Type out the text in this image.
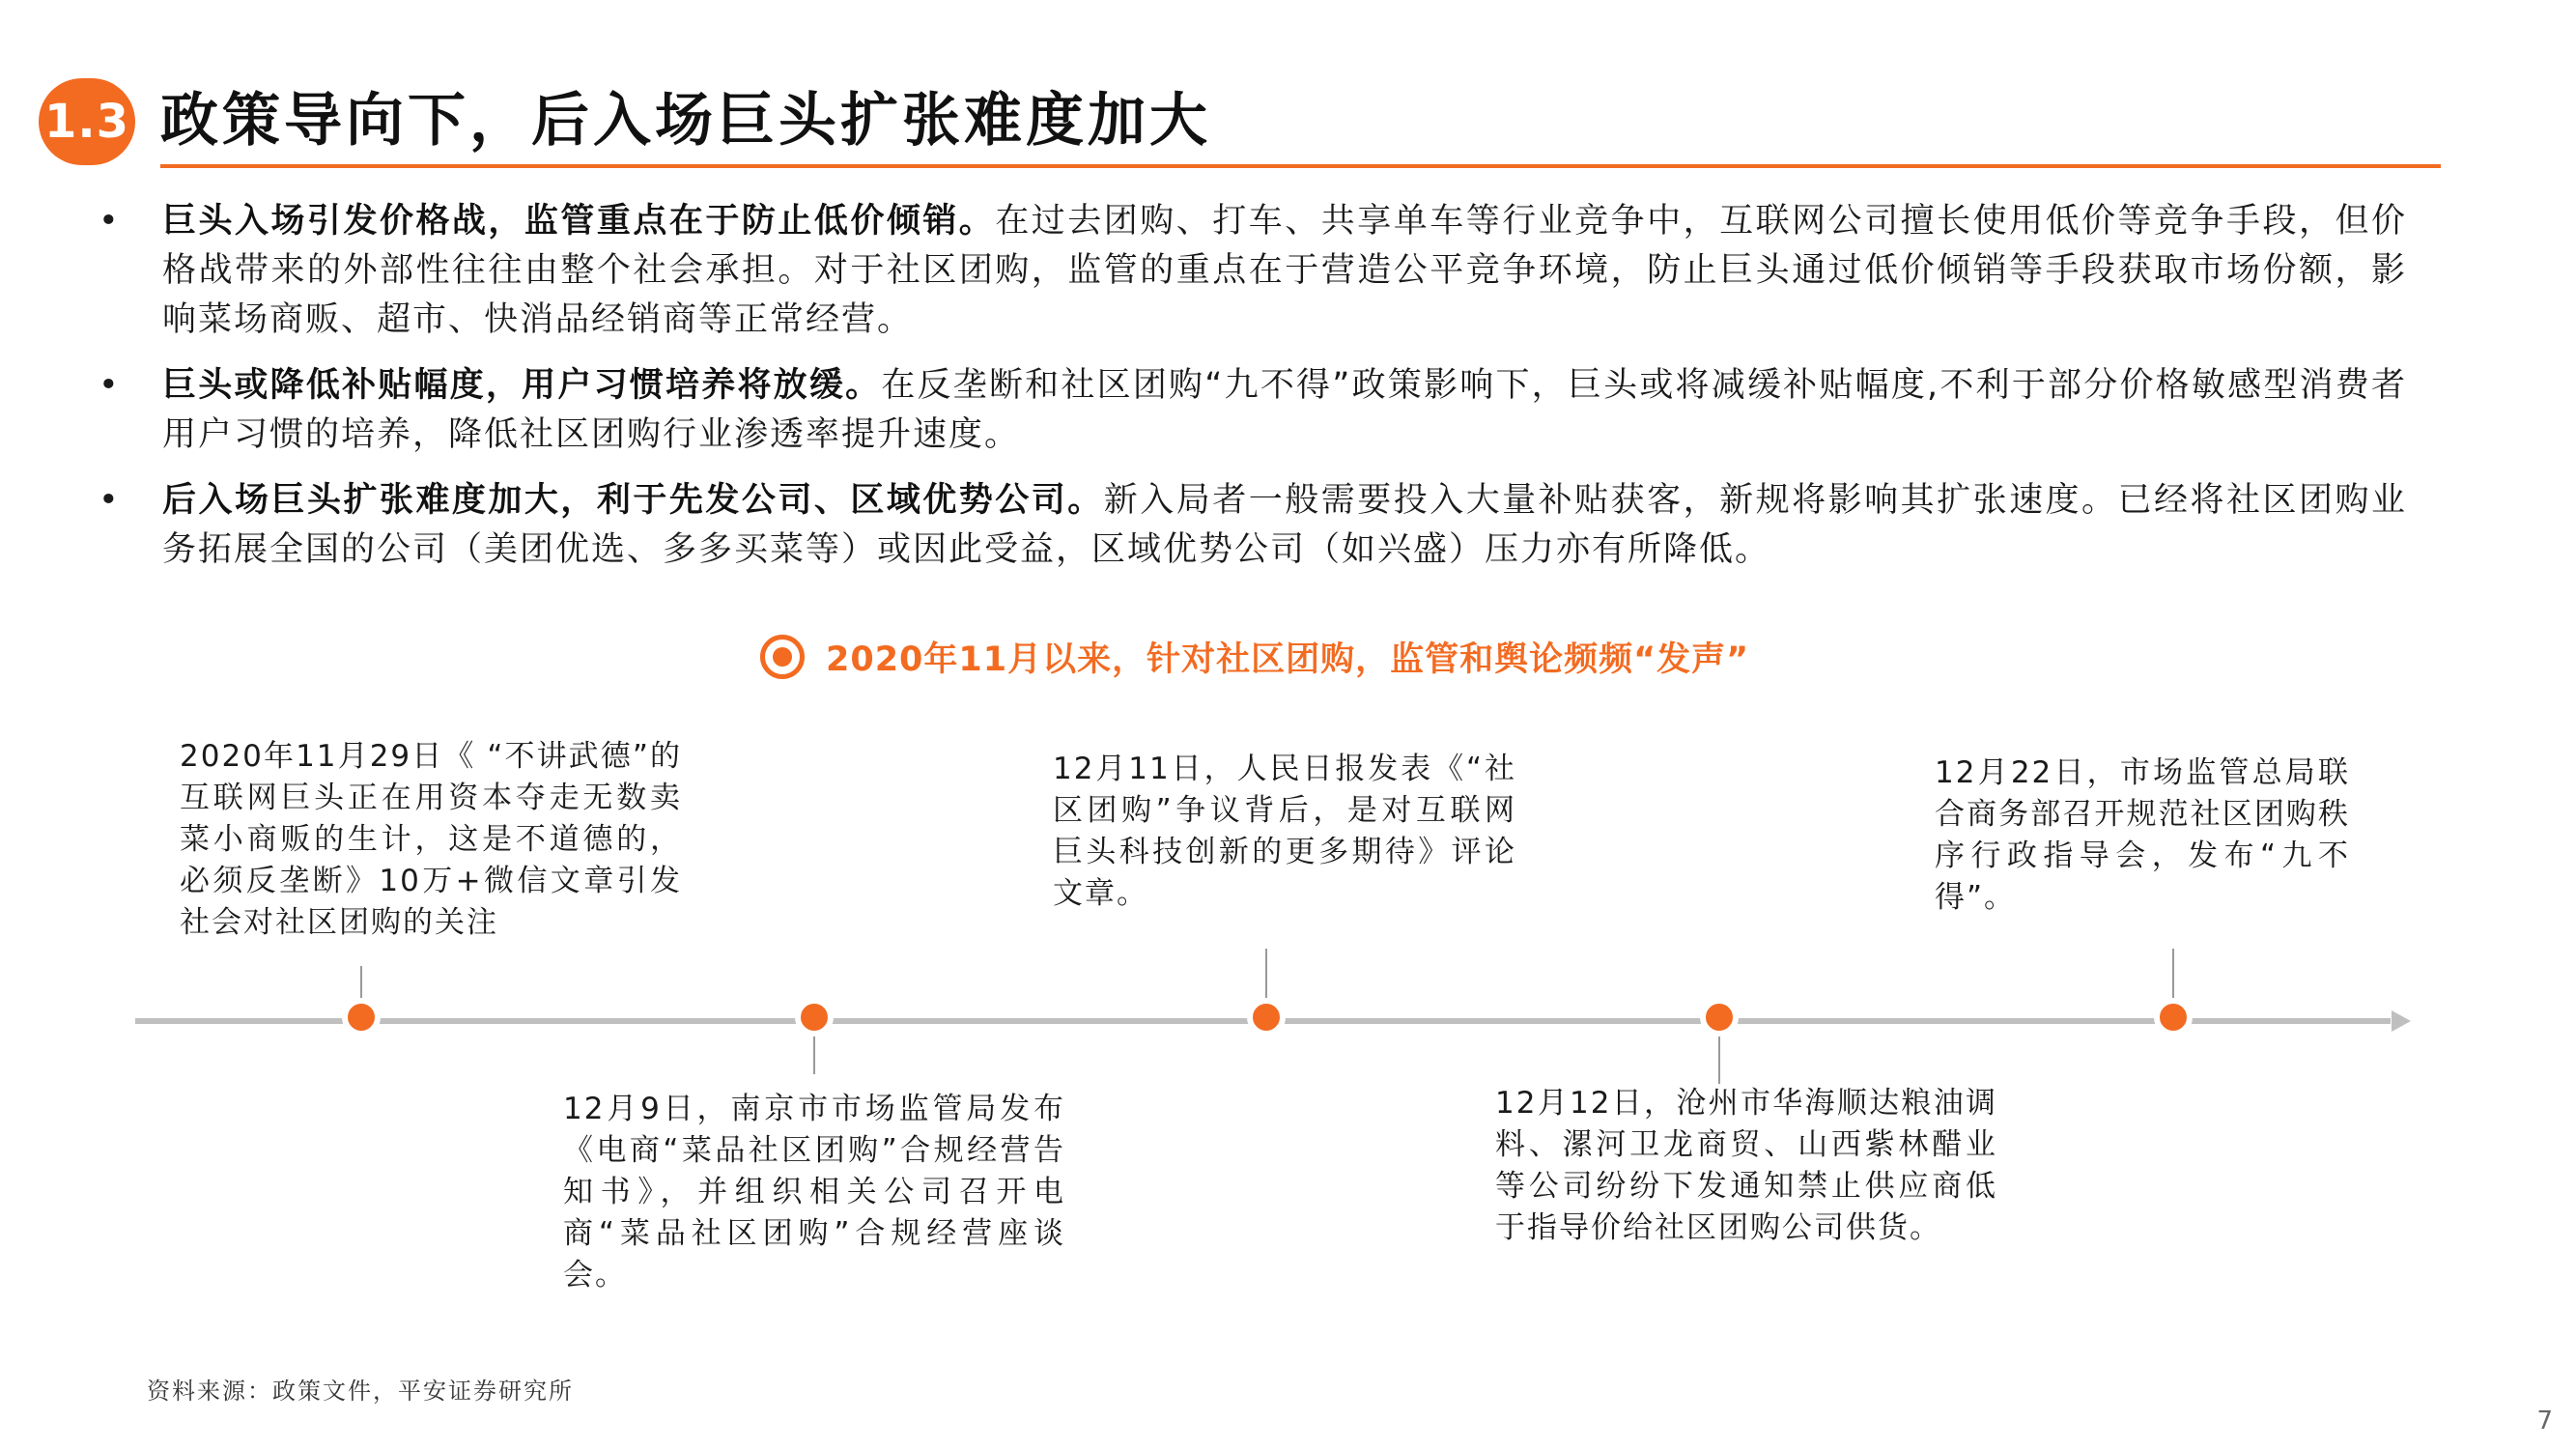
1.3 政策导向下，后入场巨头扩张难度加大
• 巨头入场引发价格战，监管重点在于防止低价倾销。在过去团购、打车、共享单车等行业竞争中，互联网公司擅长使用低价等竞争手段，但价格战带来的外部性往往由整个社会承担。对于社区团购，监管的重点在于营造公平竞争环境，防止巨头通过低价倾销等手段获取市场份额，影响菜场商贩、超市、快消品经销商等正常经营。
• 巨头或降低补贴幅度，用户习惯培养将放缓。在反垄断和社区团购“九不得”政策影响下，巨头或将减缓补贴幅度,不利于部分价格敏感型消费者用户习惯的培养，降低社区团购行业渗透率提升速度。
• 后入场巨头扩张难度加大，利于先发公司、区域优势公司。新入局者一般需要投入大量补贴获客，新规将影响其扩张速度。已经将社区团购业务拓展全国的公司（美团优选、多多买菜等）或因此受益，区域优势公司（如兴盛）压力亦有所降低。
2020年11月以来，针对社区团购，监管和舆论频频“发声”
2020年11月29日《 “不讲武德”的互联网巨头正在用资本夺走无数卖菜小商贩的生计，这是不道德的，必须反垄断》10万+微信文章引发社会对社区团购的关注
12月9日，南京市市场监管局发布《电商“菜品社区团购”合规经营告知书》，并组织相关公司召开电商“菜品社区团购”合规经营座谈会。
12月11日，人民日报发表《“社区团购”争议背后，是对互联网巨头科技创新的更多期待》评论文章。
12月12日，沧州市华海顺达粮油调料、漯河卫龙商贸、山西紫林醋业等公司纷纷下发通知禁止供应商低于指导价给社区团购公司供货。
12月22日，市场监管总局联合商务部召开规范社区团购秩序行政指导会，发布“九不得”。
资料来源：政策文件，平安证券研究所
7
